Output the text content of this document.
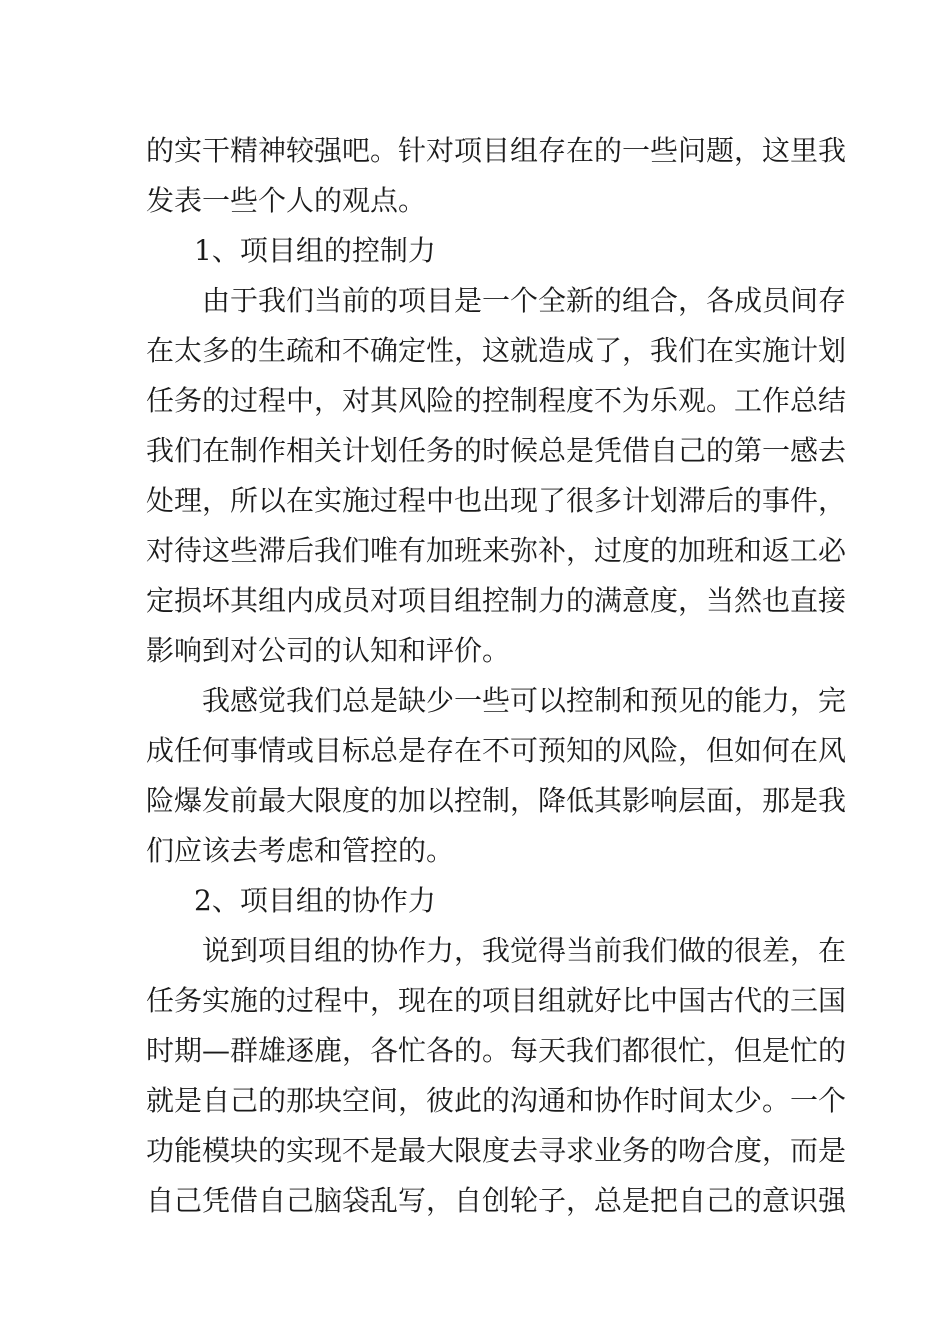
的实干精神较强吧。针对项目组存在的一些问题，这里我
发表一些个人的观点。
1、项目组的控制力
由于我们当前的项目是一个全新的组合，各成员间存
在太多的生疏和不确定性，这就造成了，我们在实施计划
任务的过程中，对其风险的控制程度不为乐观。工作总结
我们在制作相关计划任务的时候总是凭借自己的第一感去
处理，所以在实施过程中也出现了很多计划滞后的事件，
对待这些滞后我们唯有加班来弥补，过度的加班和返工必
定损坏其组内成员对项目组控制力的满意度，当然也直接
影响到对公司的认知和评价。
我感觉我们总是缺少一些可以控制和预见的能力，完
成任何事情或目标总是存在不可预知的风险，但如何在风
险爆发前最大限度的加以控制，降低其影响层面，那是我
们应该去考虑和管控的。
2、项目组的协作力
说到项目组的协作力，我觉得当前我们做的很差，在
任务实施的过程中，现在的项目组就好比中国古代的三国
时期—群雄逐鹿，各忙各的。每天我们都很忙，但是忙的
就是自己的那块空间，彼此的沟通和协作时间太少。一个
功能模块的实现不是最大限度去寻求业务的吻合度，而是
自己凭借自己脑袋乱写，自创轮子，总是把自己的意识强
